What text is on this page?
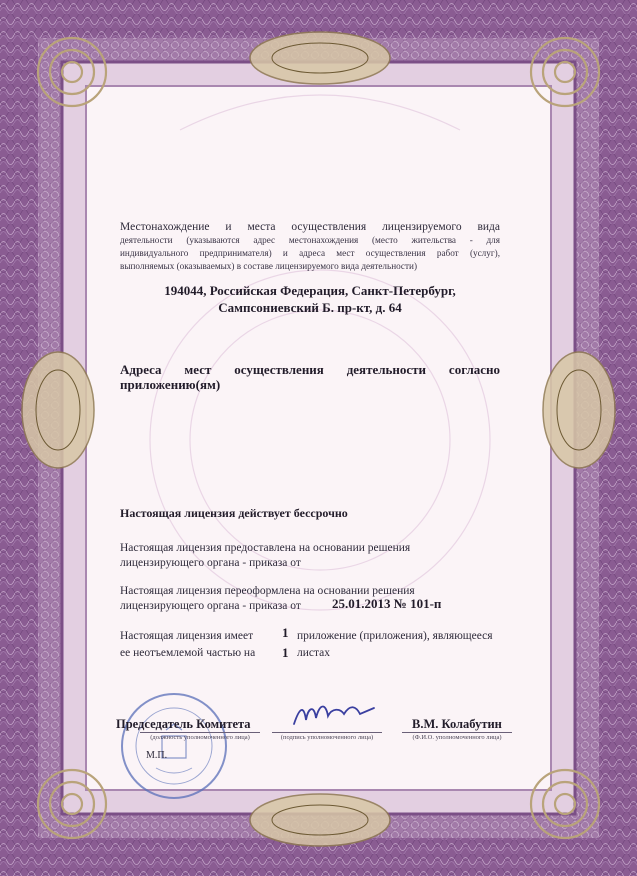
Местонахождение и места осуществления лицензируемого вида
деятельности (указываются адрес местонахождения (место жительства - для
индивидуального предпринимателя) и адреса мест осуществления работ (услуг),
выполняемых (оказываемых) в составе лицензируемого вида деятельности)
194044, Российская Федерация, Санкт-Петербург,
Сампсониевский Б. пр-кт, д. 64
Адреса мест осуществления деятельности согласно
приложению(ям)
Настоящая лицензия действует бессрочно
Настоящая лицензия предоставлена на основании решения
лицензирующего органа - приказа от
Настоящая лицензия переоформлена на основании решения
лицензирующего органа - приказа от	25.01.2013 № 101-п
Настоящая лицензия имеет	1 приложение (приложения), являющееся
ее неотъемлемой частью на	1 листах
Председатель Комитета
(должность уполномоченного лица)	(подпись уполномоченного лица)
В.М. Колабутин
(Ф.И.О. уполномоченного лица)
М.П.
